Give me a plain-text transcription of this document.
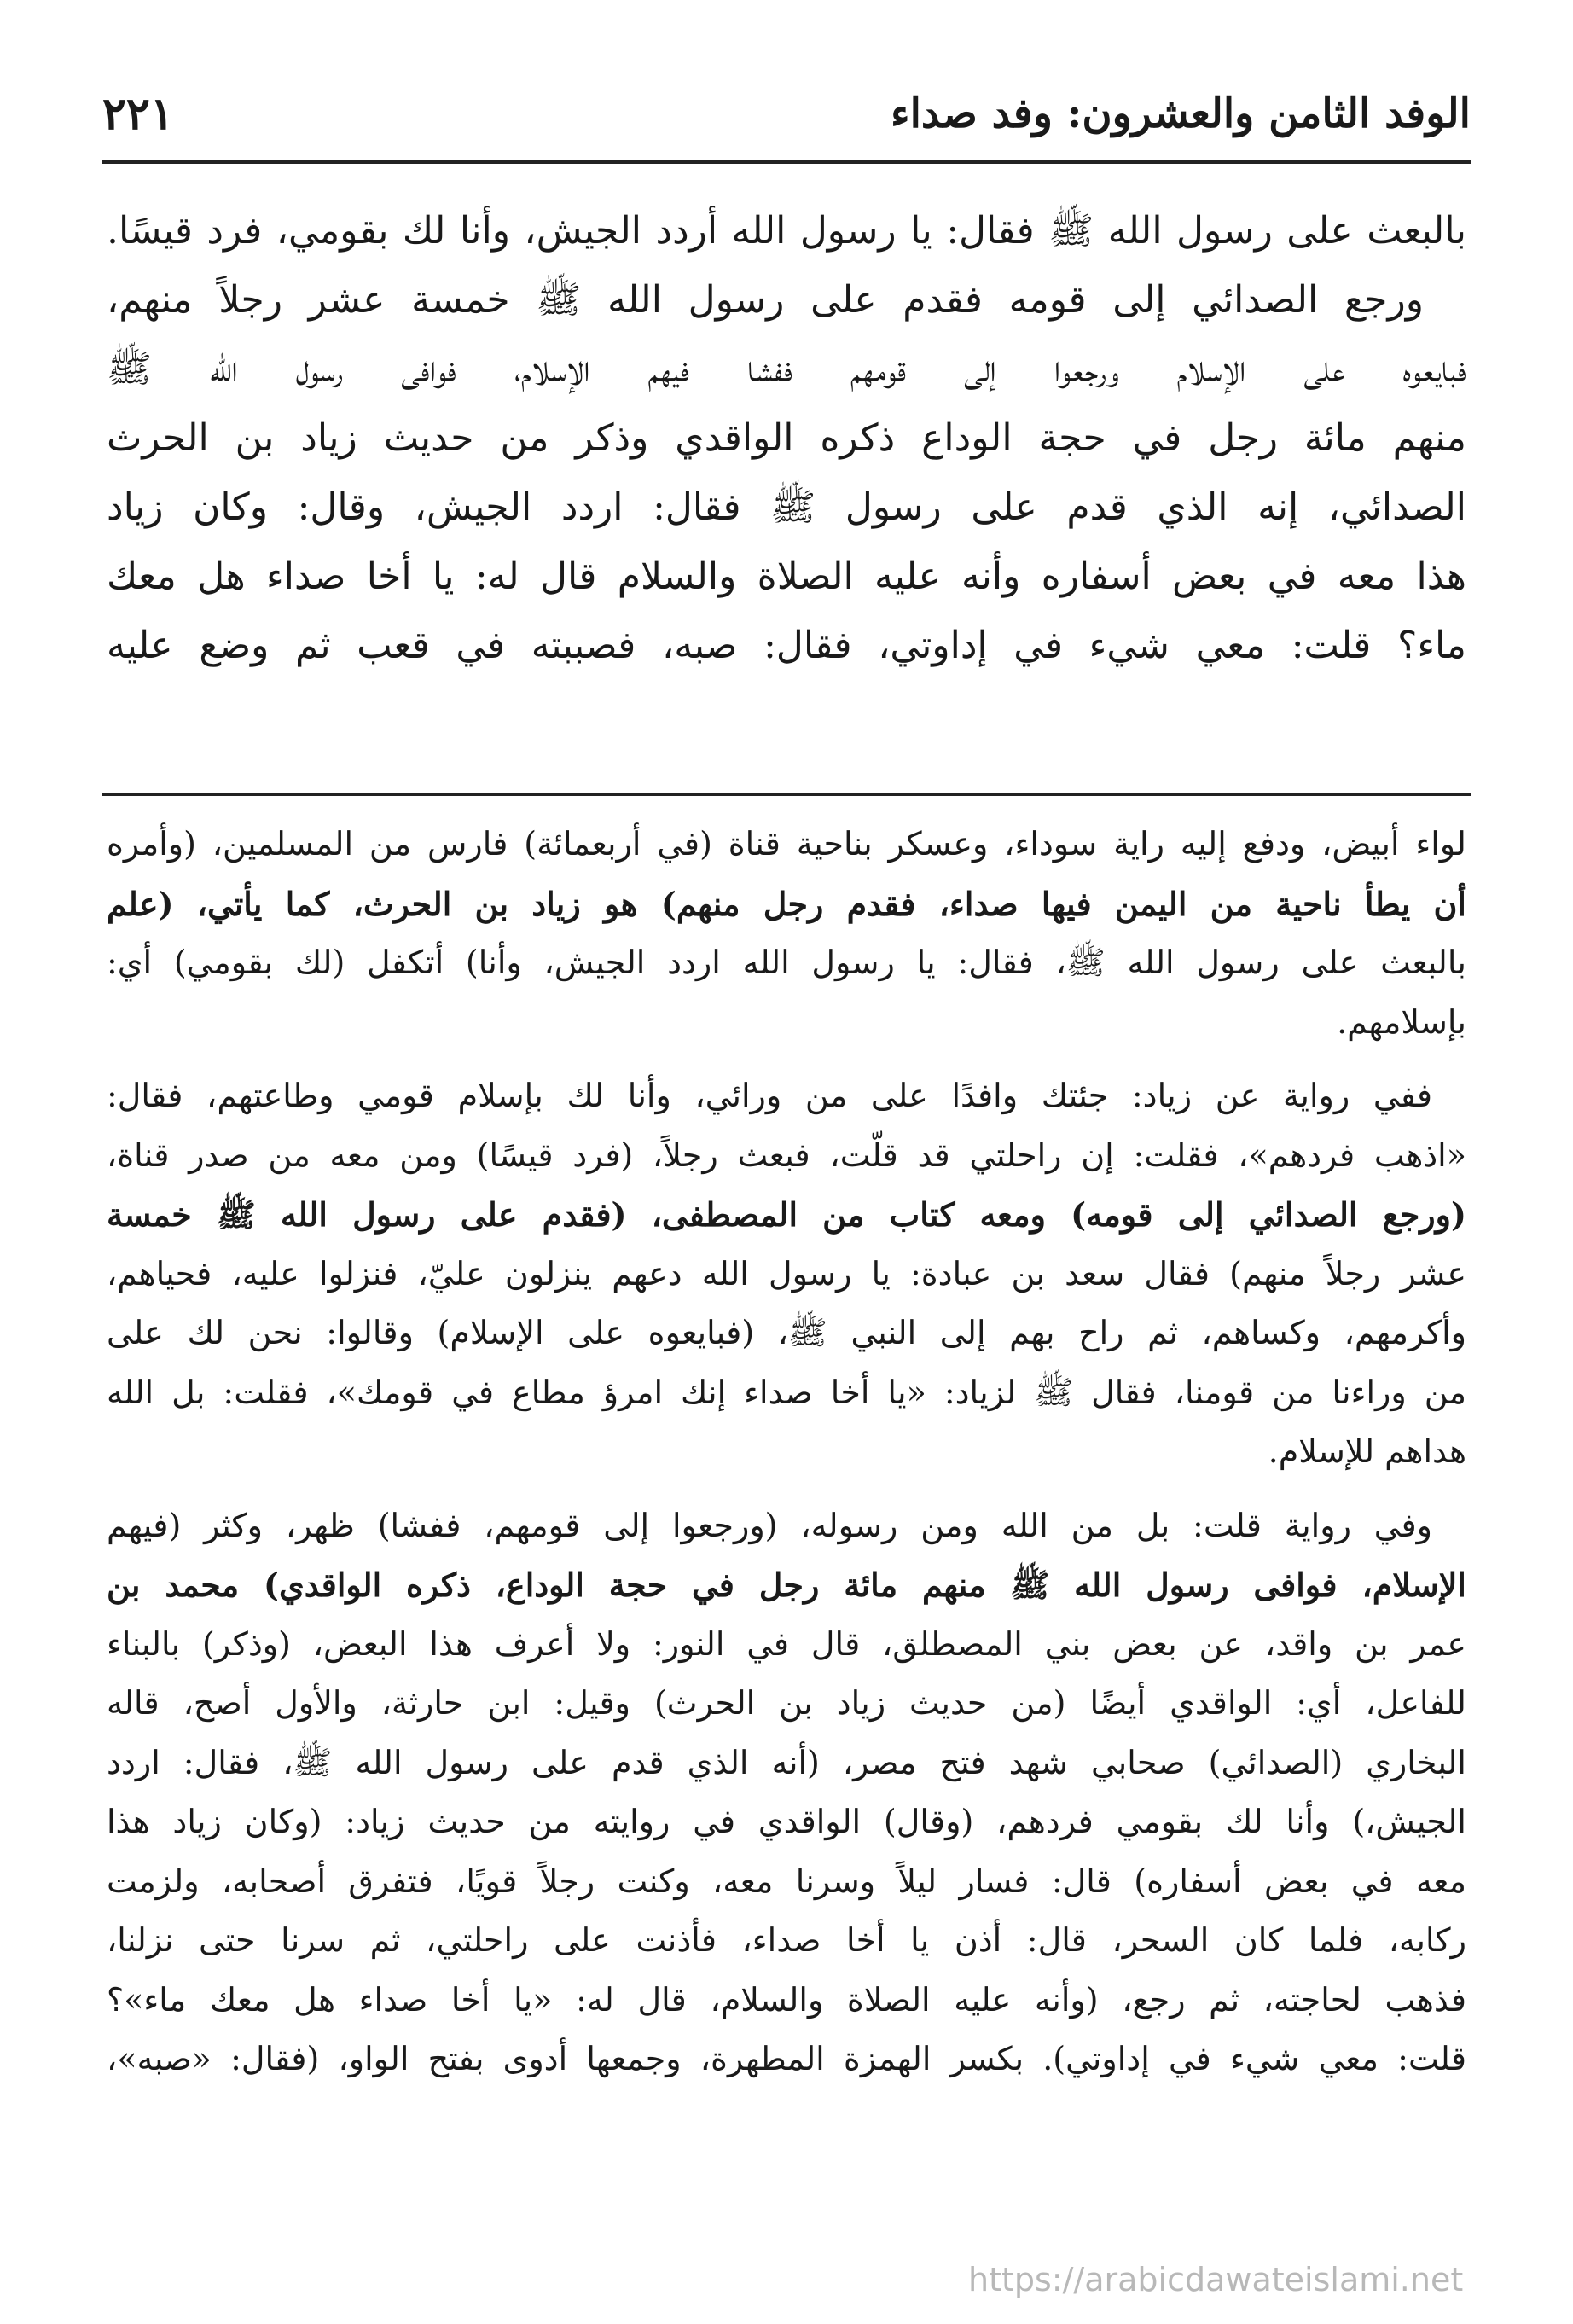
الوفد الثامن والعشرون: وفد صداء
٢٢١
بالبعث على رسول الله ﷺ فقال: يا رسول الله أردد الجيش، وأنا لك بقومي، فرد قيسًا.
ورجع الصدائي إلى قومه فقدم على رسول الله ﷺ خمسة عشر رجلاً منهم،
فبايعوه على الإسلام ورجعوا إلى قومهم ففشا فيهم الإسلام، فوافى رسول الله ﷺ
منهم مائة رجل في حجة الوداع ذكره الواقدي وذكر من حديث زياد بن الحرث
الصدائي، إنه الذي قدم على رسول ﷺ فقال: اردد الجيش، وقال: وكان زياد
هذا معه في بعض أسفاره وأنه عليه الصلاة والسلام قال له: يا أخا صداء هل معك
ماء؟ قلت: معي شيء في إداوتي، فقال: صبه، فصببته في قعب ثم وضع عليه
لواء أبيض، ودفع إليه راية سوداء، وعسكر بناحية قناة (في أربعمائة) فارس من المسلمين، (وأمره
أن يطأ ناحية من اليمن فيها صداء، فقدم رجل منهم) هو زياد بن الحرث، كما يأتي، (علم
بالبعث على رسول الله ﷺ، فقال: يا رسول الله اردد الجيش، وأنا) أتكفل (لك بقومي) أي:
بإسلامهم.
ففي رواية عن زياد: جئتك وافدًا على من ورائي، وأنا لك بإسلام قومي وطاعتهم، فقال:
«اذهب فردهم»، فقلت: إن راحلتي قد قلّت، فبعث رجلاً، (فرد قيسًا) ومن معه من صدر قناة،
(ورجع الصدائي إلى قومه) ومعه كتاب من المصطفى، (فقدم على رسول الله ﷺ خمسة
عشر رجلاً منهم) فقال سعد بن عبادة: يا رسول الله دعهم ينزلون عليّ، فنزلوا عليه، فحياهم،
وأكرمهم، وكساهم، ثم راح بهم إلى النبي ﷺ، (فبايعوه على الإسلام) وقالوا: نحن لك على
من وراءنا من قومنا، فقال ﷺ لزياد: «يا أخا صداء إنك امرؤ مطاع في قومك»، فقلت: بل الله
هداهم للإسلام.
وفي رواية قلت: بل من الله ومن رسوله، (ورجعوا إلى قومهم، ففشا) ظهر، وكثر (فيهم
الإسلام، فوافى رسول الله ﷺ منهم مائة رجل في حجة الوداع، ذكره الواقدي) محمد بن
عمر بن واقد، عن بعض بني المصطلق، قال في النور: ولا أعرف هذا البعض، (وذكر) بالبناء
للفاعل، أي: الواقدي أيضًا (من حديث زياد بن الحرث) وقيل: ابن حارثة، والأول أصح، قاله
البخاري (الصدائي) صحابي شهد فتح مصر، (أنه الذي قدم على رسول الله ﷺ، فقال: اردد
الجيش،) وأنا لك بقومي فردهم، (وقال) الواقدي في روايته من حديث زياد: (وكان زياد هذا
معه في بعض أسفاره) قال: فسار ليلاً وسرنا معه، وكنت رجلاً قويًا، فتفرق أصحابه، ولزمت
ركابه، فلما كان السحر، قال: أذن يا أخا صداء، فأذنت على راحلتي، ثم سرنا حتى نزلنا،
فذهب لحاجته، ثم رجع، (وأنه عليه الصلاة والسلام، قال له: «يا أخا صداء هل معك ماء»؟
قلت: معي شيء في إداوتي). بكسر الهمزة المطهرة، وجمعها أدوى بفتح الواو، (فقال: «صبه»،
https://arabicdawateislami.net
